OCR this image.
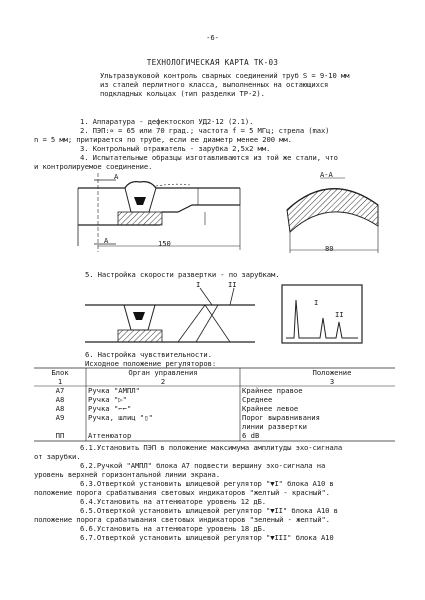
-6-
ТЕХНОЛОГИЧЕСКАЯ КАРТА ТК-03
Ультразвуковой контроль сварных соединений труб S = 9-10 мм из сталей перлитного класса, выполненных на остающихся подкладных кольцах (тип разделки ТР-2).
1. Аппаратура - дефектоскоп УД2-12 (2.1).
2. ПЭП:∝ = 65 или 70 град.; частота f = 5 МГц; стрела (max)
n = 5 мм; притирается по трубе, если ее диаметр менее 200 мм.
3. Контрольный отражатель - зарубка 2,5х2 мм.
4. Испытательные образцы изготавливаются из той же стали, что
и контролируемое соединение.
А
А	150
А-А
80
5. Настройка скорости развертки - по зарубкам.
I	II
I
II
6. Настройка чувствительности.
Исходное положение регуляторов:
Блок	Орган управления	Положение
1	2	3
А7	Ручка "АМПЛ"	Крайнее правое
А8	Ручка "▷"	Среднее
А8	Ручка "⌐⌐"	Крайнее левое
А9	Ручка, шлиц "▯"	Порог выравнивания
		линии развертки
ПП	Аттенюатор	6 dB
6.1.Установить ПЭП в положение максимума амплитуды эхо-сигнала
от зарубки.
6.2.Ручкой "АМПЛ" блока А7 подвести вершину эхо-сигнала на
уровень верхней горизонтальной линии экрана.
6.3.Отверткой установить шлицевой регулятор "▼I" блока А10 в
положение порога срабатывания световых индикаторов "желтый - красный".
6.4.Установить на аттенюаторе уровень 12 дБ.
6.5.Отверткой установить шлицевой регулятор "▼II" блока А10 в
положение порога срабатывания световых индикаторов "зеленый - желтый".
6.6.Установить на аттенюаторе уровень 18 дБ.
6.7.Отверткой установить шлицевой регулятор "▼III" блока А10
